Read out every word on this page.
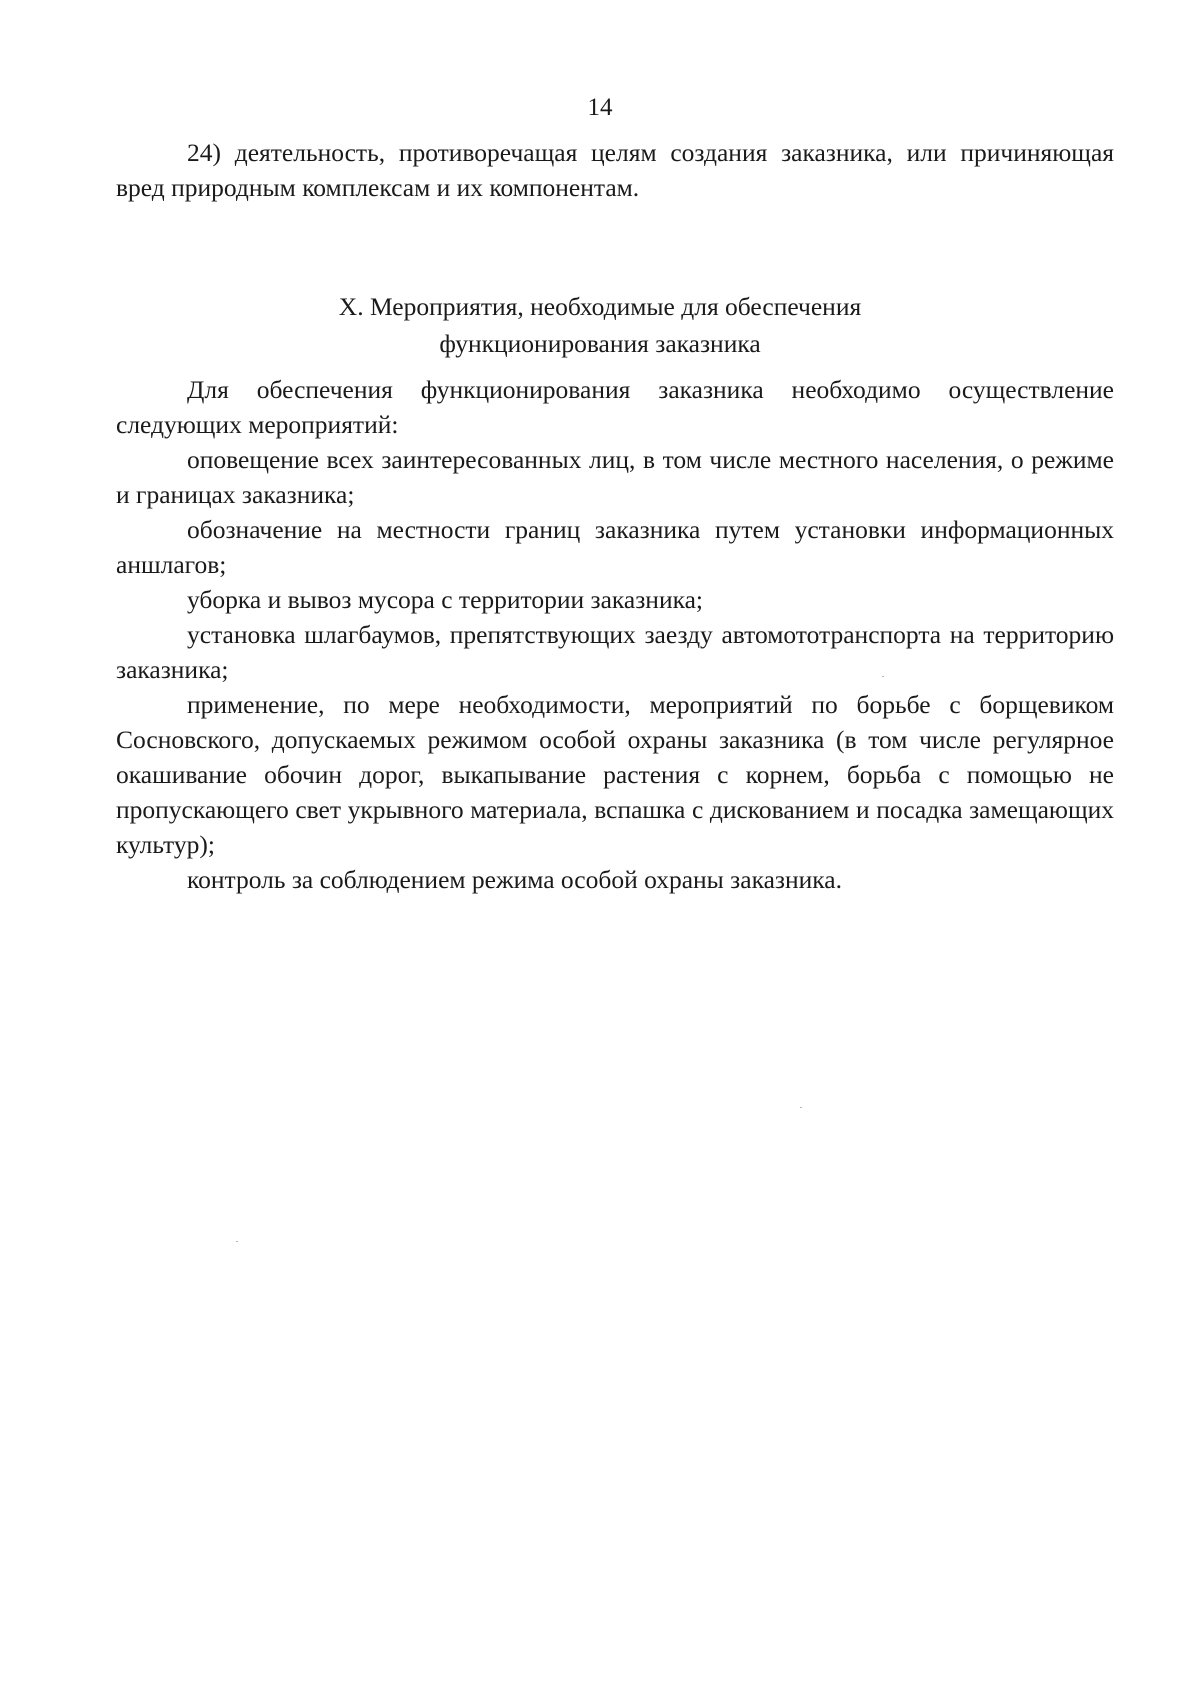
14

24) деятельность, противоречащая целям создания заказника, или причиняющая вред природным комплексам и их компонентам.

X. Мероприятия, необходимые для обеспечения
функционирования заказника

Для обеспечения функционирования заказника необходимо осуществление следующих мероприятий:

оповещение всех заинтересованных лиц, в том числе местного населения, о режиме и границах заказника;

обозначение на местности границ заказника путем установки информационных аншлагов;

уборка и вывоз мусора с территории заказника;

установка шлагбаумов, препятствующих заезду автомототранспорта на территорию заказника;

применение, по мере необходимости, мероприятий по борьбе с борщевиком Сосновского, допускаемых режимом особой охраны заказника (в том числе регулярное окашивание обочин дорог, выкапывание растения с корнем, борьба с помощью не пропускающего свет укрывного материала, вспашка с дискованием и посадка замещающих культур);

контроль за соблюдением режима особой охраны заказника.
